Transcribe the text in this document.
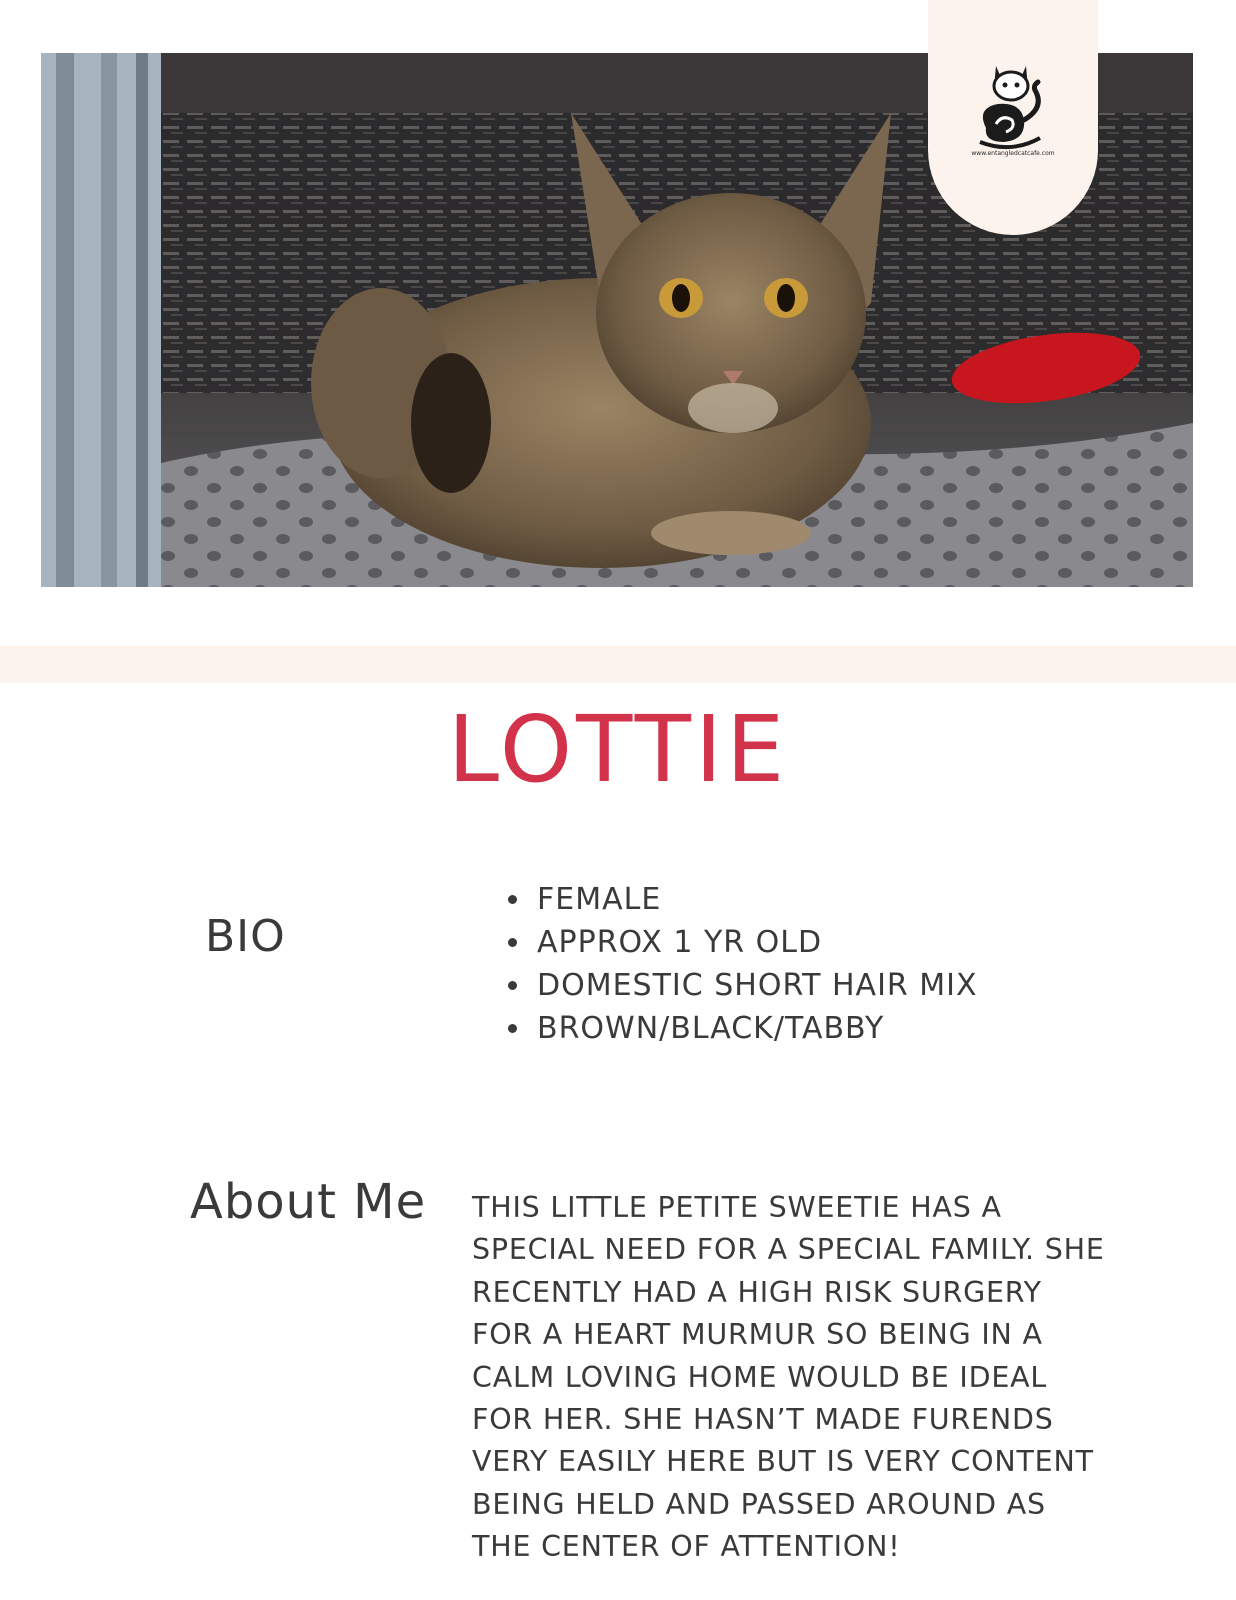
www.entangledcatcafe.com
LOTTIE
BIO
• FEMALE
• APPROX 1 YR OLD
• DOMESTIC SHORT HAIR MIX
• BROWN/BLACK/TABBY
About Me THIS LITTLE PETITE SWEETIE HAS A SPECIAL NEED FOR A SPECIAL FAMILY. SHE RECENTLY HAD A HIGH RISK SURGERY FOR A HEART MURMUR SO BEING IN A CALM LOVING HOME WOULD BE IDEAL FOR HER. SHE HASN’T MADE FURENDS VERY EASILY HERE BUT IS VERY CONTENT BEING HELD AND PASSED AROUND AS THE CENTER OF ATTENTION!
